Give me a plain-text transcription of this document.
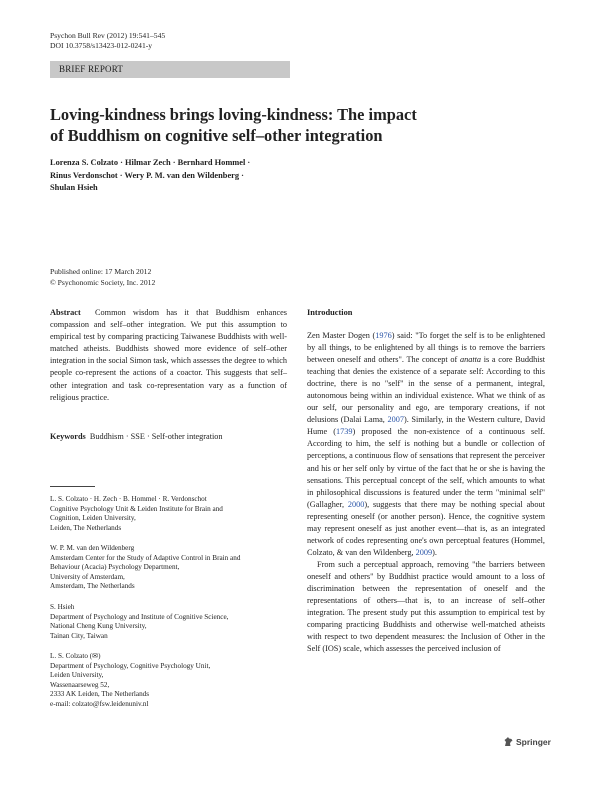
Psychon Bull Rev (2012) 19:541–545
DOI 10.3758/s13423-012-0241-y
BRIEF REPORT
Loving-kindness brings loving-kindness: The impact
of Buddhism on cognitive self–other integration
Lorenza S. Colzato · Hilmar Zech · Bernhard Hommel ·
Rinus Verdonschot · Wery P. M. van den Wildenberg ·
Shulan Hsieh
Published online: 17 March 2012
© Psychonomic Society, Inc. 2012
Abstract Common wisdom has it that Buddhism enhances compassion and self–other integration. We put this assumption to empirical test by comparing practicing Taiwanese Buddhists with well-matched atheists. Buddhists showed more evidence of self–other integration in the social Simon task, which assesses the degree to which people co-represent the actions of a coactor. This suggests that self–other integration and task co-representation vary as a function of religious practice.
Keywords Buddhism · SSE · Self-other integration
L. S. Colzato · H. Zech · B. Hommel · R. Verdonschot
Cognitive Psychology Unit & Leiden Institute for Brain and
Cognition, Leiden University,
Leiden, The Netherlands
W. P. M. van den Wildenberg
Amsterdam Center for the Study of Adaptive Control in Brain and
Behaviour (Acacia) Psychology Department,
University of Amsterdam,
Amsterdam, The Netherlands
S. Hsieh
Department of Psychology and Institute of Cognitive Science,
National Cheng Kung University,
Tainan City, Taiwan
L. S. Colzato (✉)
Department of Psychology, Cognitive Psychology Unit,
Leiden University,
Wassenaarseweg 52,
2333 AK Leiden, The Netherlands
e-mail: colzato@fsw.leidenuniv.nl
Introduction

Zen Master Dogen (1976) said: "To forget the self is to be enlightened by all things, to be enlightened by all things is to remove the barriers between oneself and others". The concept of anatta is a core Buddhist teaching that denies the existence of a separate self: According to this doctrine, there is no "self" in the sense of a permanent, integral, autonomous being within an individual existence. What we think of as our self, our personality and ego, are temporary creations, if not delusions (Dalai Lama, 2007). Similarly, in the Western culture, David Hume (1739) proposed the non-existence of a continuous self. According to him, the self is nothing but a bundle or collection of perceptions, a continuous flow of sensations that represent the perceiver and his or her self only by virtue of the fact that he or she is having the sensations. This perceptual concept of the self, which amounts to what in philosophical discussions is featured under the term "minimal self" (Gallagher, 2000), suggests that there may be nothing special about representing oneself (or another person). Hence, the cognitive system may represent oneself as just another event—that is, as an integrated network of codes representing one's own perceptual features (Hommel, Colzato, & van den Wildenberg, 2009).

From such a perceptual approach, removing "the barriers between oneself and others" by Buddhist practice would amount to a loss of discrimination between the representation of oneself and the representations of others—that is, to an increase of self–other integration. The present study put this assumption to empirical test by comparing practicing Buddhists and otherwise well-matched atheists with respect to two dependent measures: the Inclusion of Other in the Self (IOS) scale, which assesses the perceived inclusion of

Springer
